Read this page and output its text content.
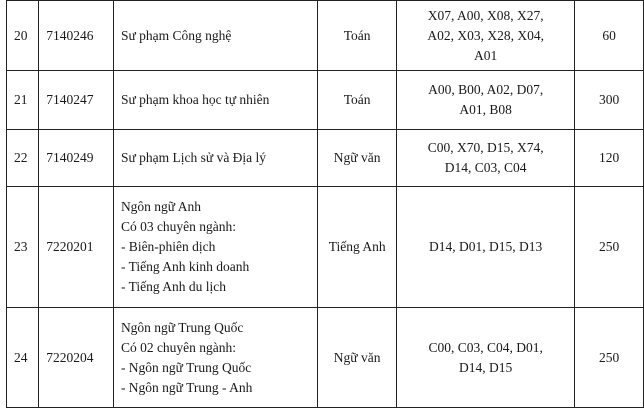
20	7140246	Sư phạm Công nghệ	Toán	X07, A00, X08, X27,
A02, X03, X28, X04,
A01	60
21	7140247	Sư phạm khoa học tự nhiên	Toán	A00, B00, A02, D07,
A01, B08	300
22	7140249	Sư phạm Lịch sử và Địa lý	Ngữ văn	C00, X70, D15, X74,
D14, C03, C04	120
23	7220201	Ngôn ngữ Anh
Có 03 chuyên ngành:
- Biên-phiên dịch
- Tiếng Anh kinh doanh
- Tiếng Anh du lịch	Tiếng Anh	D14, D01, D15, D13	250
24	7220204	Ngôn ngữ Trung Quốc
Có 02 chuyên ngành:
- Ngôn ngữ Trung Quốc
- Ngôn ngữ Trung - Anh	Ngữ văn	C00, C03, C04, D01,
D14, D15	250
